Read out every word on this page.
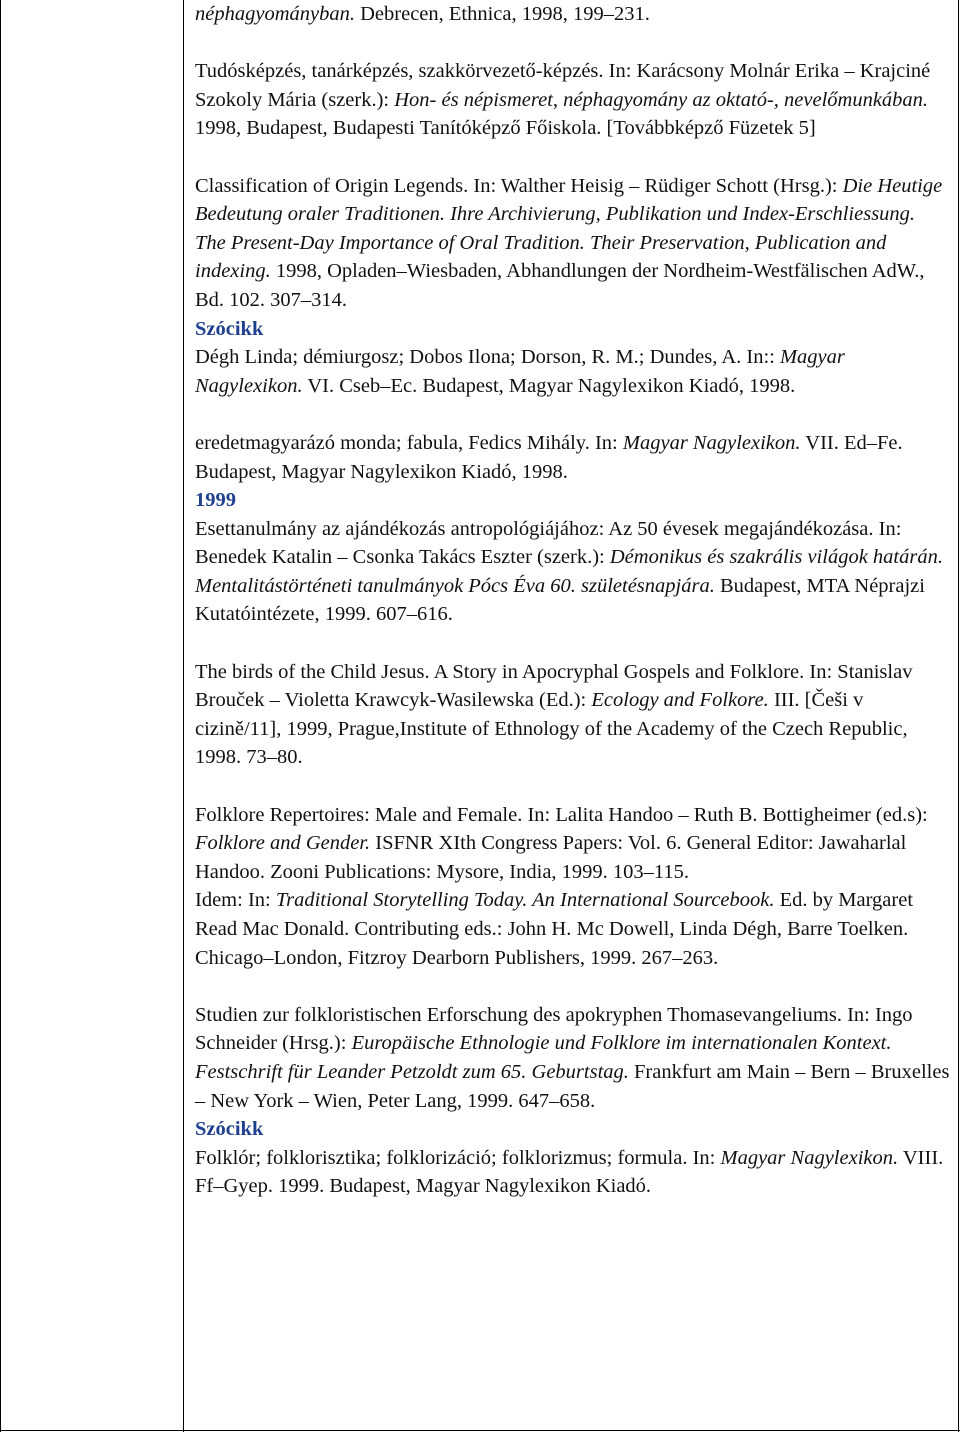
néphagyományban. Debrecen, Ethnica, 1998, 199–231.

Tudósképzés, tanárképzés, szakkörvezető-képzés. In: Karácsony Molnár Erika – Krajciné Szokoly Mária (szerk.): Hon- és népismeret, néphagyomány az oktató-, nevelőmunkában. 1998, Budapest, Budapesti Tanítóképző Főiskola. [Továbbképző Füzetek 5]

Classification of Origin Legends. In: Walther Heisig – Rüdiger Schott (Hrsg.): Die Heutige Bedeutung oraler Traditionen. Ihre Archivierung, Publikation und Index-Erschliessung. The Present-Day Importance of Oral Tradition. Their Preservation, Publication and indexing. 1998, Opladen–Wiesbaden, Abhandlungen der Nordheim-Westfälischen AdW., Bd. 102. 307–314.

Szócikk

Dégh Linda; démiurgosz; Dobos Ilona; Dorson, R. M.; Dundes, A. In:: Magyar Nagylexikon. VI. Cseb–Ec. Budapest, Magyar Nagylexikon Kiadó, 1998.

eredetmagyarázó monda; fabula, Fedics Mihály. In: Magyar Nagylexikon. VII. Ed–Fe. Budapest, Magyar Nagylexikon Kiadó, 1998.

1999

Esettanulmány az ajándékozás antropológiájához: Az 50 évesek megajándékozása. In: Benedek Katalin – Csonka Takács Eszter (szerk.): Démonikus és szakrális világok határán. Mentalitástörténeti tanulmányok Pócs Éva 60. születésnapjára. Budapest, MTA Néprajzi Kutatóintézete, 1999. 607–616.

The birds of the Child Jesus. A Story in Apocryphal Gospels and Folklore. In: Stanislav Brouček – Violetta Krawcyk-Wasilewska (Ed.): Ecology and Folkore. III. [Češi v cizině/11], 1999, Prague,Institute of Ethnology of the Academy of the Czech Republic, 1998. 73–80.

Folklore Repertoires: Male and Female. In: Lalita Handoo – Ruth B. Bottigheimer (ed.s): Folklore and Gender. ISFNR XIth Congress Papers: Vol. 6. General Editor: Jawaharlal Handoo. Zooni Publications: Mysore, India, 1999. 103–115.

Idem: In: Traditional Storytelling Today. An International Sourcebook. Ed. by Margaret Read Mac Donald. Contributing eds.: John H. Mc Dowell, Linda Dégh, Barre Toelken. Chicago–London, Fitzroy Dearborn Publishers, 1999. 267–263.

Studien zur folkloristischen Erforschung des apokryphen Thomasevangeliums. In: Ingo Schneider (Hrsg.): Europäische Ethnologie und Folklore im internationalen Kontext. Festschrift für Leander Petzoldt zum 65. Geburtstag. Frankfurt am Main – Bern – Bruxelles – New York – Wien, Peter Lang, 1999. 647–658.

Szócikk

Folklór; folklorisztika; folklorizáció; folklorizmus; formula. In: Magyar Nagylexikon. VIII. Ff–Gyep. 1999. Budapest, Magyar Nagylexikon Kiadó.
